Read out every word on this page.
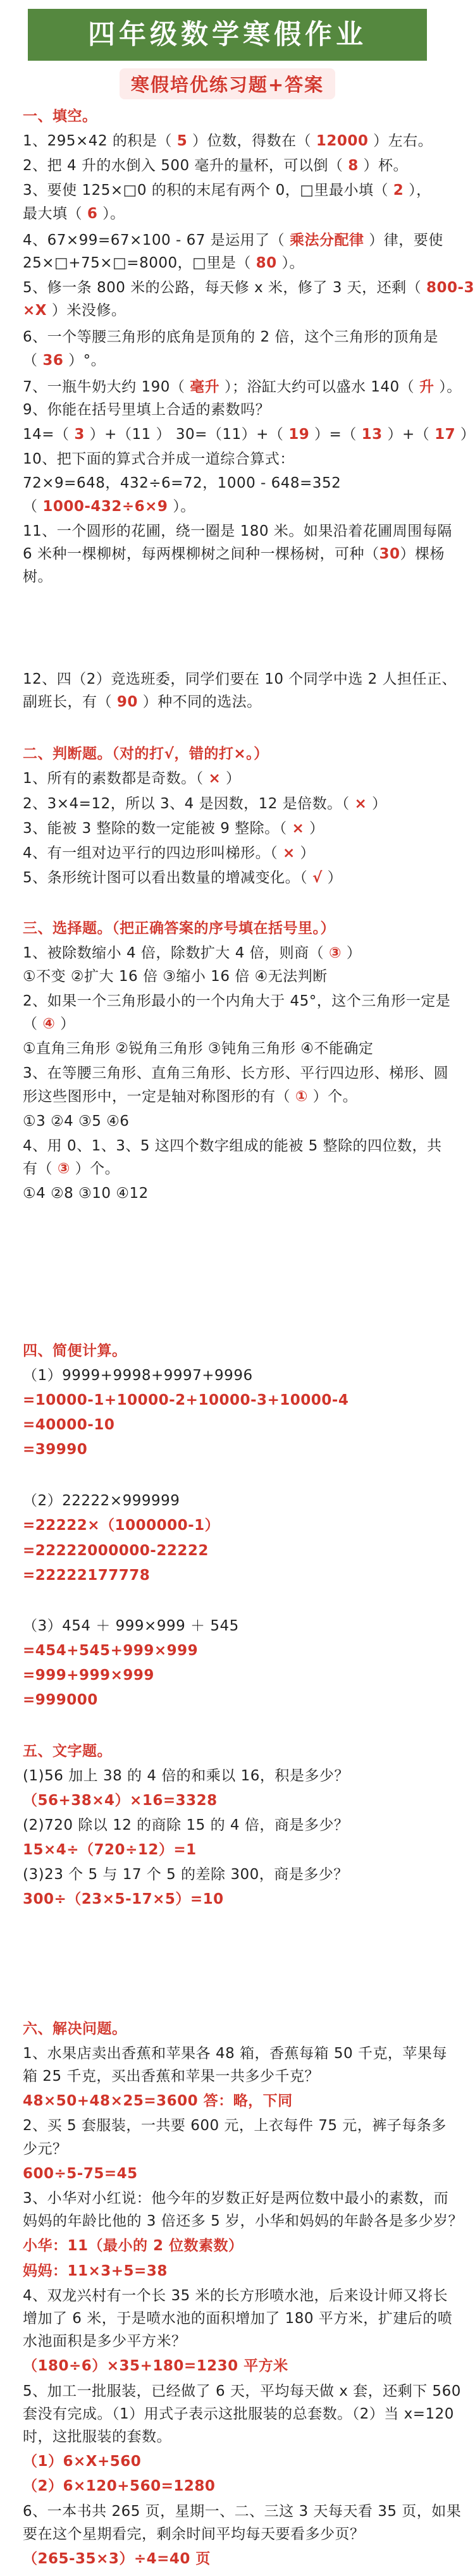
四年级数学寒假作业
寒假培优练习题+答案
一、填空。
1、295×42 的积是（ 5 ）位数，得数在（ 12000 ）左右。
2、把 4 升的水倒入 500 毫升的量杯，可以倒（ 8 ）杯。
3、要使 125×□0 的积的末尾有两个 0，□里最小填（ 2 ），
最大填（ 6 ）。
4、67×99=67×100 - 67 是运用了（ 乘法分配律 ）律，要使
25×□+75×□=8000，□里是（ 80 ）。
5、修一条 800 米的公路，每天修 x 米，修了 3 天，还剩（ 800-3
×X ）米没修。
6、一个等腰三角形的底角是顶角的 2 倍，这个三角形的顶角是
（ 36 ）°。
7、一瓶牛奶大约 190（ 毫升 ）；浴缸大约可以盛水 140（ 升 ）。
9、你能在括号里填上合适的素数吗？
14=（ 3 ）+（11 ） 30=（11）+（ 19 ）=（ 13 ）+（ 17 ）
10、把下面的算式合并成一道综合算式：
72×9=648，432÷6=72，1000 - 648=352
（ 1000-432÷6×9 ）。
11、一个圆形的花圃，绕一圈是 180 米。如果沿着花圃周围每隔
6 米种一棵柳树，每两棵柳树之间种一棵杨树，可种（30）棵杨
树。
12、四（2）竞选班委，同学们要在 10 个同学中选 2 人担任正、
副班长，有（ 90 ）种不同的选法。
二、判断题。（对的打√，错的打×。）
1、所有的素数都是奇数。（ × ）
2、3×4=12，所以 3、4 是因数，12 是倍数。（ × ）
3、能被 3 整除的数一定能被 9 整除。（ × ）
4、有一组对边平行的四边形叫梯形。（ × ）
5、条形统计图可以看出数量的增减变化。（ √ ）
三、选择题。（把正确答案的序号填在括号里。）
1、被除数缩小 4 倍，除数扩大 4 倍，则商（ ③ ）
①不变 ②扩大 16 倍 ③缩小 16 倍 ④无法判断
2、如果一个三角形最小的一个内角大于 45°，这个三角形一定是
（ ④ ）
①直角三角形 ②锐角三角形 ③钝角三角形 ④不能确定
3、在等腰三角形、直角三角形、长方形、平行四边形、梯形、圆
形这些图形中，一定是轴对称图形的有（ ① ）个。
①3 ②4 ③5 ④6
4、用 0、1、3、5 这四个数字组成的能被 5 整除的四位数，共
有（ ③ ）个。
①4 ②8 ③10 ④12
四、简便计算。
（1）9999+9998+9997+9996
=10000-1+10000-2+10000-3+10000-4
=40000-10
=39990
（2）22222×999999
=22222×（1000000-1）
=22222000000-22222
=22222177778
（3）454 ＋ 999×999 ＋ 545
=454+545+999×999
=999+999×999
=999000
五、文字题。
(1)56 加上 38 的 4 倍的和乘以 16，积是多少？
（56+38×4）×16=3328
(2)720 除以 12 的商除 15 的 4 倍，商是多少？
15×4÷（720÷12）=1
(3)23 个 5 与 17 个 5 的差除 300，商是多少？
300÷（23×5-17×5）=10
六、解决问题。
1、水果店卖出香蕉和苹果各 48 箱，香蕉每箱 50 千克，苹果每
箱 25 千克，买出香蕉和苹果一共多少千克？
48×50+48×25=3600 答：略，下同
2、买 5 套服装，一共要 600 元，上衣每件 75 元，裤子每条多
少元？
600÷5-75=45
3、小华对小红说：他今年的岁数正好是两位数中最小的素数，而
妈妈的年龄比他的 3 倍还多 5 岁，小华和妈妈的年龄各是多少岁？
小华：11（最小的 2 位数素数）
妈妈：11×3+5=38
4、双龙兴村有一个长 35 米的长方形喷水池，后来设计师又将长
增加了 6 米，于是喷水池的面积增加了 180 平方米，扩建后的喷
水池面积是多少平方米？
（180÷6）×35+180=1230 平方米
5、加工一批服装，已经做了 6 天，平均每天做 x 套，还剩下 560
套没有完成。（1）用式子表示这批服装的总套数。（2）当 x=120
时，这批服装的套数。
（1）6×X+560
（2）6×120+560=1280
6、一本书共 265 页，星期一、二、三这 3 天每天看 35 页，如果
要在这个星期看完，剩余时间平均每天要看多少页？
（265-35×3）÷4=40 页
